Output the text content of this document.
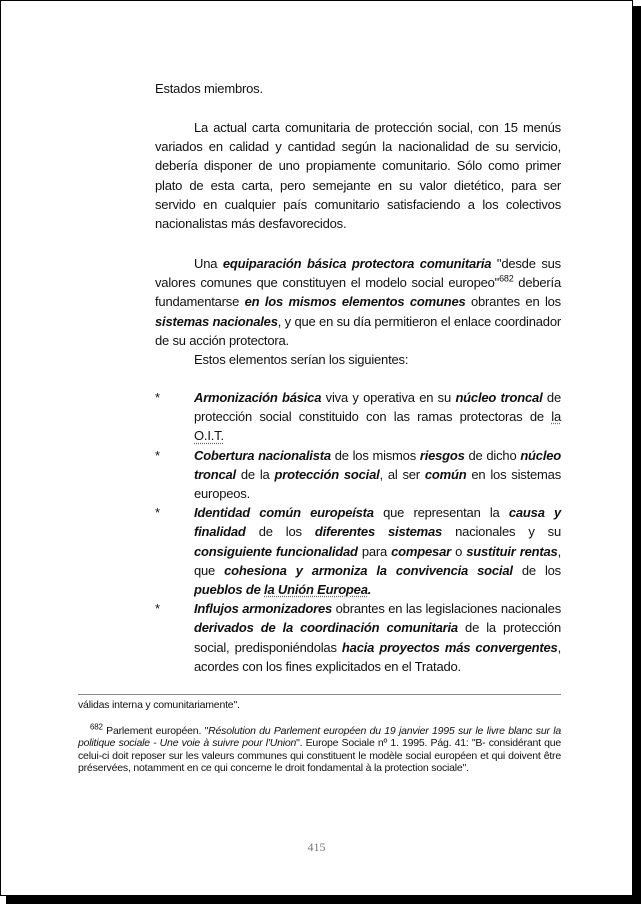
Estados miembros.

La actual carta comunitaria de protección social, con 15 menús variados en calidad y cantidad según la nacionalidad de su servicio, debería disponer de uno propiamente comunitario. Sólo como primer plato de esta carta, pero semejante en su valor dietético, para ser servido en cualquier país comunitario satisfaciendo a los colectivos nacionalistas más desfavorecidos.

Una equiparación básica protectora comunitaria "desde sus valores comunes que constituyen el modelo social europeo"$^{682}$ debería fundamentarse en los mismos elementos comunes obrantes en los sistemas nacionales, y que en su día permitieron el enlace coordinador de su acción protectora.

Estos elementos serían los siguientes:

*	Armonización básica viva y operativa en su núcleo troncal de protección social constituido con las ramas protectoras de la O.I.T.

*	Cobertura nacionalista de los mismos riesgos de dicho núcleo troncal de la protección social, al ser común en los sistemas europeos.

*	Identidad común europeísta que representan la causa y finalidad de los diferentes sistemas nacionales y su consiguiente funcionalidad para compesar o sustituir rentas, que cohesiona y armoniza la convivencia social de los pueblos de la Unión Europea.

*	Influjos armonizadores obrantes en las legislaciones nacionales derivados de la coordinación comunitaria de la protección social, predisponiéndolas hacia proyectos más convergentes, acordes con los fines explicitados en el Tratado.

válidas interna y comunitariamente".
$^{682}$ Parlement européen. "Résolution du Parlement européen du 19 janvier 1995 sur le livre blanc sur la politique sociale - Une voie à suivre pour l'Union". Europe Sociale nº 1. 1995. Pág. 41: "B- considérant que celui-ci doit reposer sur les valeurs communes qui constituent le modèle social européen et qui doivent être préservées, notamment en ce qui concerne le droit fondamental à la protection sociale".
415
